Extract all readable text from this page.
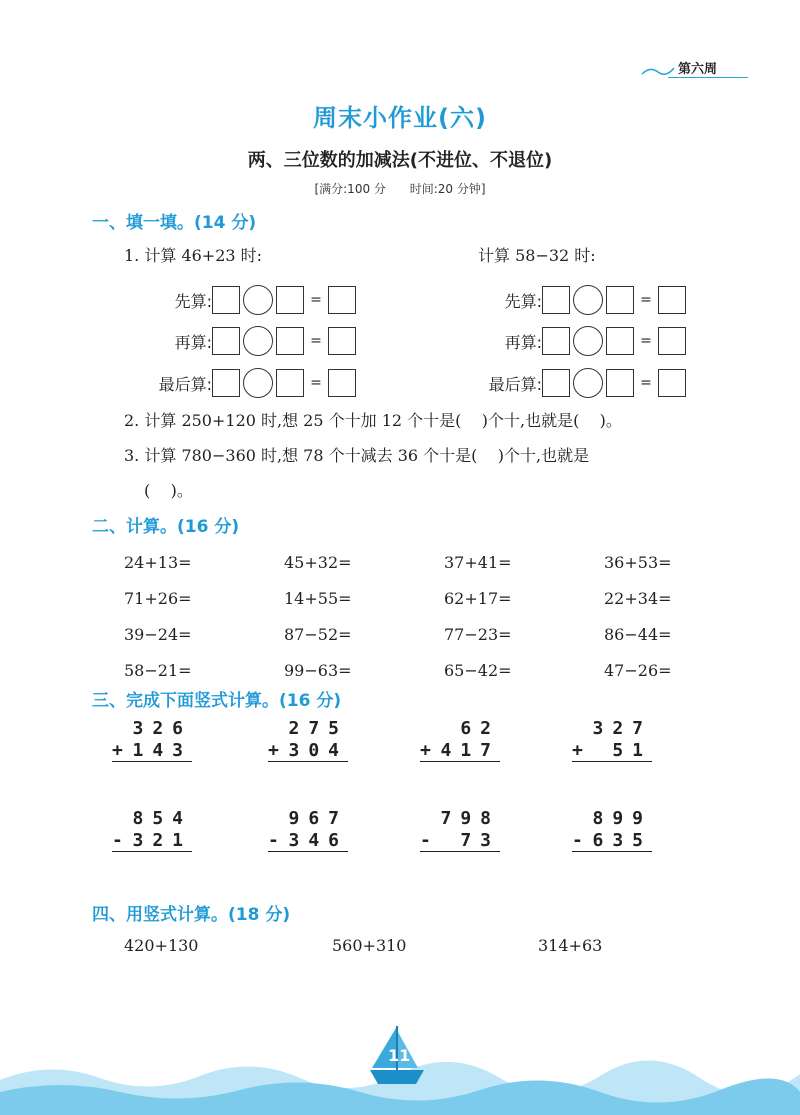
第六周
周末小作业(六)
两、三位数的加减法(不进位、不退位)
[满分:100 分 时间:20 分钟]
一、填一填。(14 分)
1. 计算 46+23 时:	计算 58−32 时:
先算:	=
再算:	=
最后算:	=
先算:	=
再算:	=
最后算:	=
2. 计算 250+120 时,想 25 个十加 12 个十是(    )个十,也就是(    )。
3. 计算 780−360 时,想 78 个十减去 36 个十是(    )个十,也就是
(    )。
二、计算。(16 分)
24+13=	45+32=	37+41=	36+53=
71+26=	14+55=	62+17=	22+34=
39−24=	87−52=	77−23=	86−44=
58−21=	99−63=	65−42=	47−26=
三、完成下面竖式计算。(16 分)
326
+ 143
275
+ 304
62
+ 417
327
+ 51
854
- 321
967
- 346
798
- 73
899
- 635
四、用竖式计算。(18 分)
420+130	560+310	314+63
11
